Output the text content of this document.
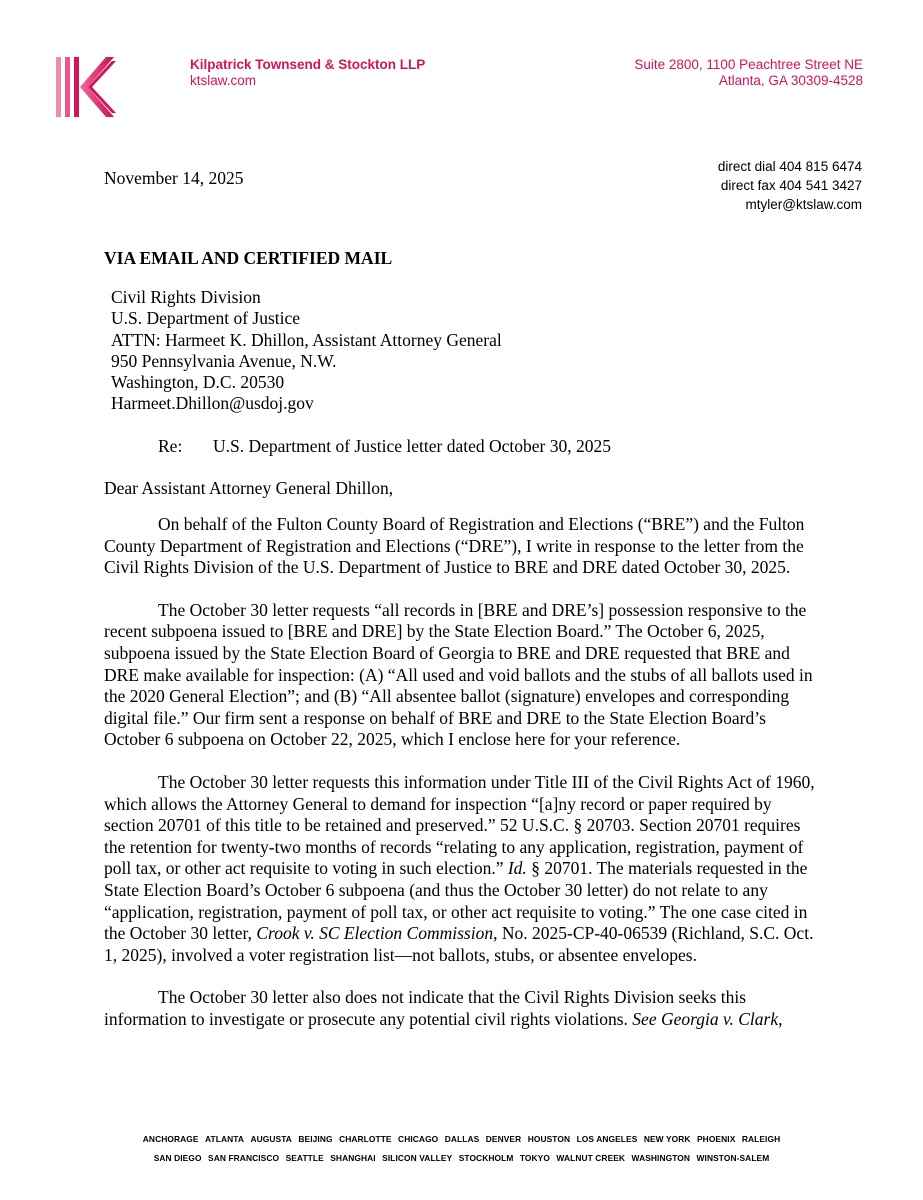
Kilpatrick Townsend & Stockton LLP
ktslaw.com
Suite 2800, 1100 Peachtree Street NE
Atlanta, GA 30309-4528
November 14, 2025
direct dial 404 815 6474
direct fax 404 541 3427
mtyler@ktslaw.com
VIA EMAIL AND CERTIFIED MAIL
Civil Rights Division
U.S. Department of Justice
ATTN: Harmeet K. Dhillon, Assistant Attorney General
950 Pennsylvania Avenue, N.W.
Washington, D.C. 20530
Harmeet.Dhillon@usdoj.gov
Re: U.S. Department of Justice letter dated October 30, 2025
Dear Assistant Attorney General Dhillon,

On behalf of the Fulton County Board of Registration and Elections (“BRE”) and the Fulton County Department of Registration and Elections (“DRE”), I write in response to the letter from the Civil Rights Division of the U.S. Department of Justice to BRE and DRE dated October 30, 2025.

The October 30 letter requests “all records in [BRE and DRE’s] possession responsive to the recent subpoena issued to [BRE and DRE] by the State Election Board.” The October 6, 2025, subpoena issued by the State Election Board of Georgia to BRE and DRE requested that BRE and DRE make available for inspection: (A) “All used and void ballots and the stubs of all ballots used in the 2020 General Election”; and (B) “All absentee ballot (signature) envelopes and corresponding digital file.” Our firm sent a response on behalf of BRE and DRE to the State Election Board’s October 6 subpoena on October 22, 2025, which I enclose here for your reference.

The October 30 letter requests this information under Title III of the Civil Rights Act of 1960, which allows the Attorney General to demand for inspection “[a]ny record or paper required by section 20701 of this title to be retained and preserved.” 52 U.S.C. § 20703. Section 20701 requires the retention for twenty-two months of records “relating to any application, registration, payment of poll tax, or other act requisite to voting in such election.” Id. § 20701. The materials requested in the State Election Board’s October 6 subpoena (and thus the October 30 letter) do not relate to any “application, registration, payment of poll tax, or other act requisite to voting.” The one case cited in the October 30 letter, Crook v. SC Election Commission, No. 2025-CP-40-06539 (Richland, S.C. Oct. 1, 2025), involved a voter registration list—not ballots, stubs, or absentee envelopes.

The October 30 letter also does not indicate that the Civil Rights Division seeks this information to investigate or prosecute any potential civil rights violations. See Georgia v. Clark,

ANCHORAGE ATLANTA AUGUSTA BEIJING CHARLOTTE CHICAGO DALLAS DENVER HOUSTON LOS ANGELES NEW YORK PHOENIX RALEIGH
SAN DIEGO SAN FRANCISCO SEATTLE SHANGHAI SILICON VALLEY STOCKHOLM TOKYO WALNUT CREEK WASHINGTON WINSTON-SALEM
